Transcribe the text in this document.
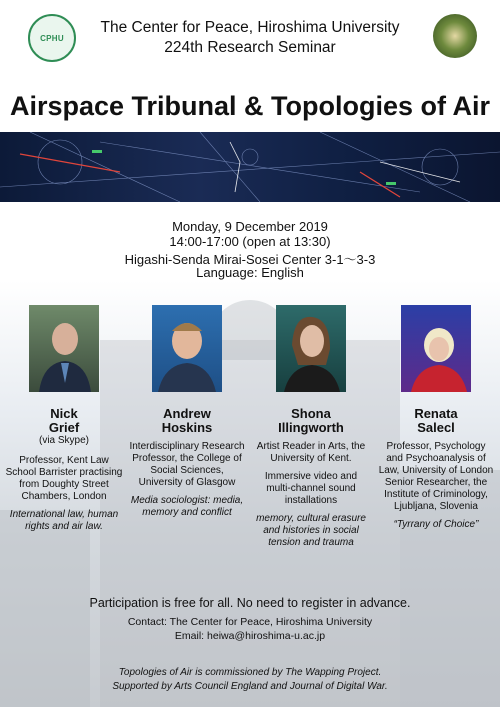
CPHU
The Center for Peace, Hiroshima University
224th Research Seminar
Airspace Tribunal & Topologies of Air
Monday, 9 December 2019
14:00-17:00 (open at 13:30)
Higashi-Senda Mirai-Sosei Center 3-1～3-3
Language: English
Nick
Grief
(via Skype)
Professor, Kent Law School Barrister practising from Doughty Street Chambers, London
International law, human rights and air law.
Andrew
Hoskins
Interdisciplinary Research Professor, the College of Social Sciences, University of Glasgow
Media sociologist: media, memory and conflict
Shona
Illingworth
Artist Reader in Arts, the University of Kent.
Immersive video and multi-channel sound installations
memory, cultural erasure and histories in social tension and trauma
Renata
Salecl
Professor, Psychology and Psychoanalysis of Law, University of London Senior Researcher, the Institute of Criminology, Ljubljana, Slovenia
“Tyrrany of Choice”
Participation is free for all. No need to register in advance.
Contact: The Center for Peace, Hiroshima University
Email: heiwa@hiroshima-u.ac.jp
Topologies of Air is commissioned by The Wapping Project.
Supported by Arts Council England and Journal of Digital War.
